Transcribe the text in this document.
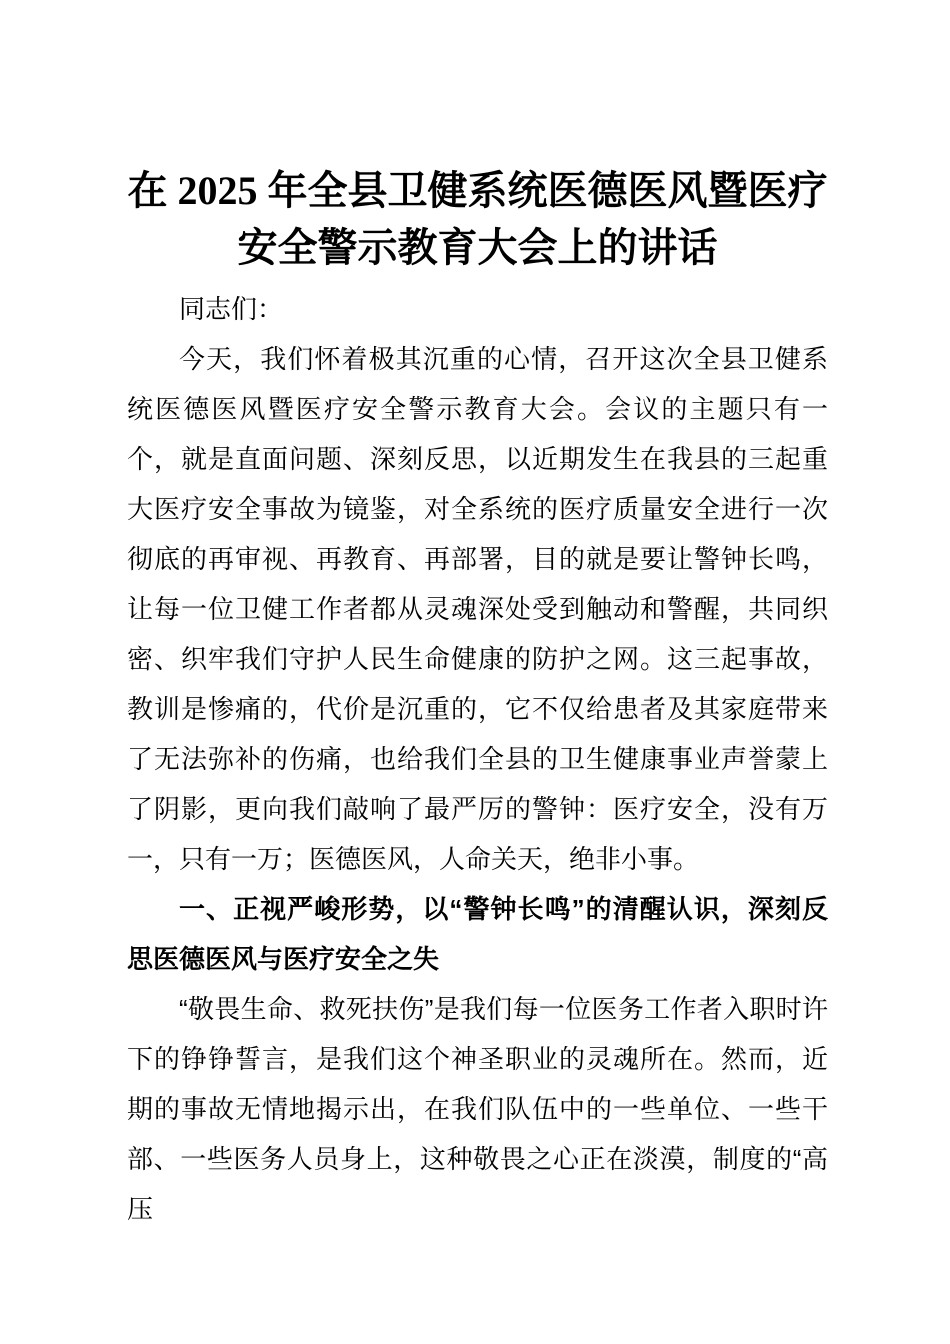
在 2025 年全县卫健系统医德医风暨医疗安全警示教育大会上的讲话

同志们：

今天，我们怀着极其沉重的心情，召开这次全县卫健系统医德医风暨医疗安全警示教育大会。会议的主题只有一个，就是直面问题、深刻反思，以近期发生在我县的三起重大医疗安全事故为镜鉴，对全系统的医疗质量安全进行一次彻底的再审视、再教育、再部署，目的就是要让警钟长鸣，让每一位卫健工作者都从灵魂深处受到触动和警醒，共同织密、织牢我们守护人民生命健康的防护之网。这三起事故，教训是惨痛的，代价是沉重的，它不仅给患者及其家庭带来了无法弥补的伤痛，也给我们全县的卫生健康事业声誉蒙上了阴影，更向我们敲响了最严厉的警钟：医疗安全，没有万一，只有一万；医德医风，人命关天，绝非小事。

一、正视严峻形势，以“警钟长鸣”的清醒认识，深刻反思医德医风与医疗安全之失

“敬畏生命、救死扶伤”是我们每一位医务工作者入职时许下的铮铮誓言，是我们这个神圣职业的灵魂所在。然而，近期的事故无情地揭示出，在我们队伍中的一些单位、一些干部、一些医务人员身上，这种敬畏之心正在淡漠，制度的“高压
